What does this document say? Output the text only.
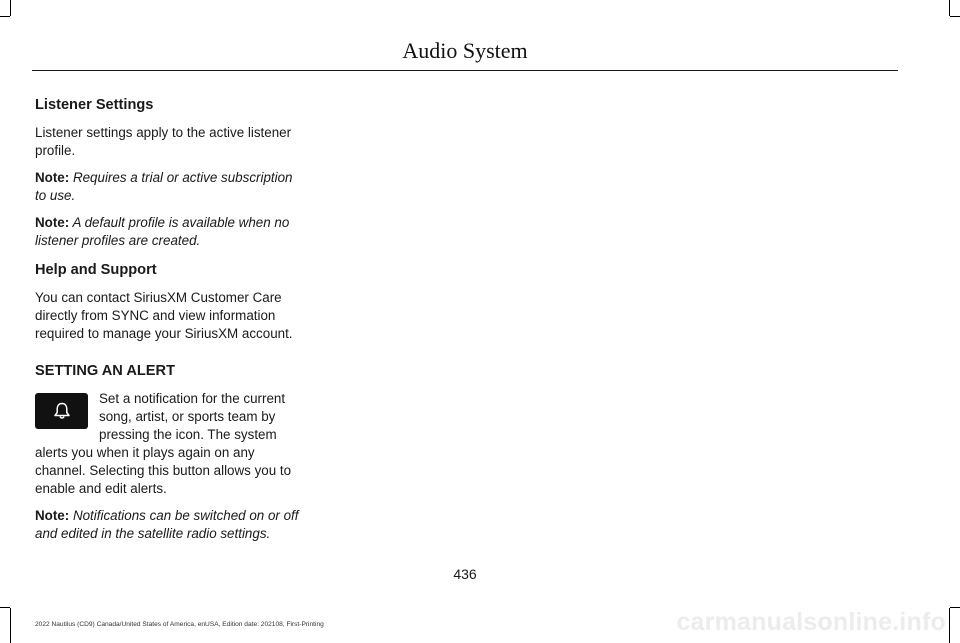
Audio System
Listener Settings

Listener settings apply to the active listener profile.

Note: Requires a trial or active subscription to use.

Note: A default profile is available when no listener profiles are created.

Help and Support

You can contact SiriusXM Customer Care directly from SYNC and view information required to manage your SiriusXM account.

SETTING AN ALERT

Set a notification for the current song, artist, or sports team by pressing the icon. The system alerts you when it plays again on any channel. Selecting this button allows you to enable and edit alerts.

Note: Notifications can be switched on or off and edited in the satellite radio settings.

436
2022 Nautilus (CD9) Canada/United States of America, enUSA, Edition date: 202108, First-Printing	carmanualsonline.info
